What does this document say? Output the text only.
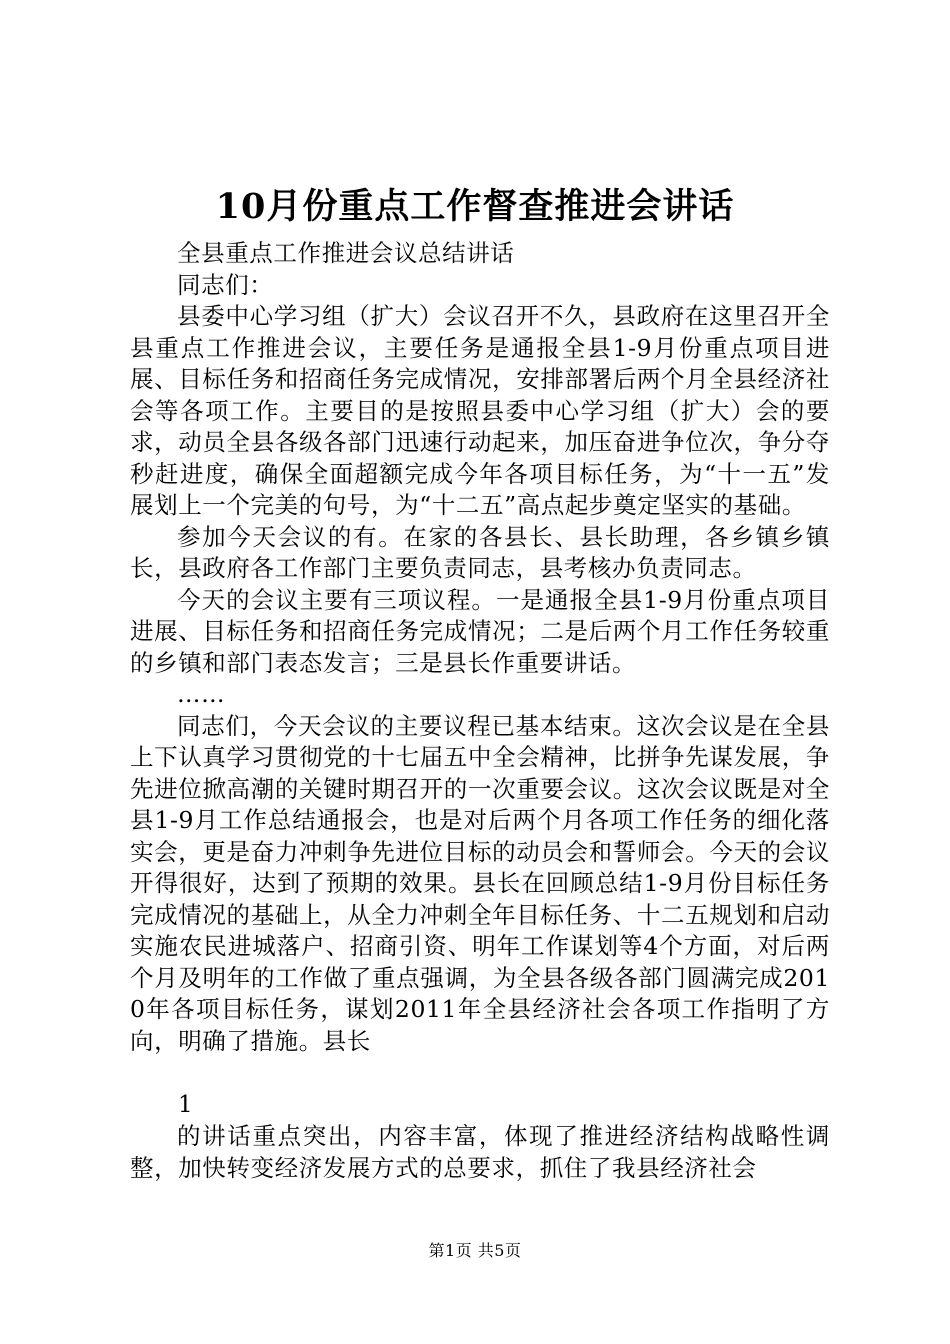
10月份重点工作督查推进会讲话

全县重点工作推进会议总结讲话

同志们：

县委中心学习组（扩大）会议召开不久，县政府在这里召开全县重点工作推进会议，主要任务是通报全县1-9月份重点项目进展、目标任务和招商任务完成情况，安排部署后两个月全县经济社会等各项工作。主要目的是按照县委中心学习组（扩大）会的要求，动员全县各级各部门迅速行动起来，加压奋进争位次，争分夺秒赶进度，确保全面超额完成今年各项目标任务，为“十一五”发展划上一个完美的句号，为“十二五”高点起步奠定坚实的基础。

参加今天会议的有。在家的各县长、县长助理，各乡镇乡镇长，县政府各工作部门主要负责同志，县考核办负责同志。

今天的会议主要有三项议程。一是通报全县1-9月份重点项目进展、目标任务和招商任务完成情况；二是后两个月工作任务较重的乡镇和部门表态发言；三是县长作重要讲话。

……

同志们，今天会议的主要议程已基本结束。这次会议是在全县上下认真学习贯彻党的十七届五中全会精神，比拼争先谋发展，争先进位掀高潮的关键时期召开的一次重要会议。这次会议既是对全县1-9月工作总结通报会，也是对后两个月各项工作任务的细化落实会，更是奋力冲刺争先进位目标的动员会和誓师会。今天的会议开得很好，达到了预期的效果。县长在回顾总结1-9月份目标任务完成情况的基础上，从全力冲刺全年目标任务、十二五规划和启动实施农民进城落户、招商引资、明年工作谋划等4个方面，对后两个月及明年的工作做了重点强调，为全县各级各部门圆满完成2010年各项目标任务，谋划2011年全县经济社会各项工作指明了方向，明确了措施。县长

1

的讲话重点突出，内容丰富，体现了推进经济结构战略性调整，加快转变经济发展方式的总要求，抓住了我县经济社会

第1页 共5页
